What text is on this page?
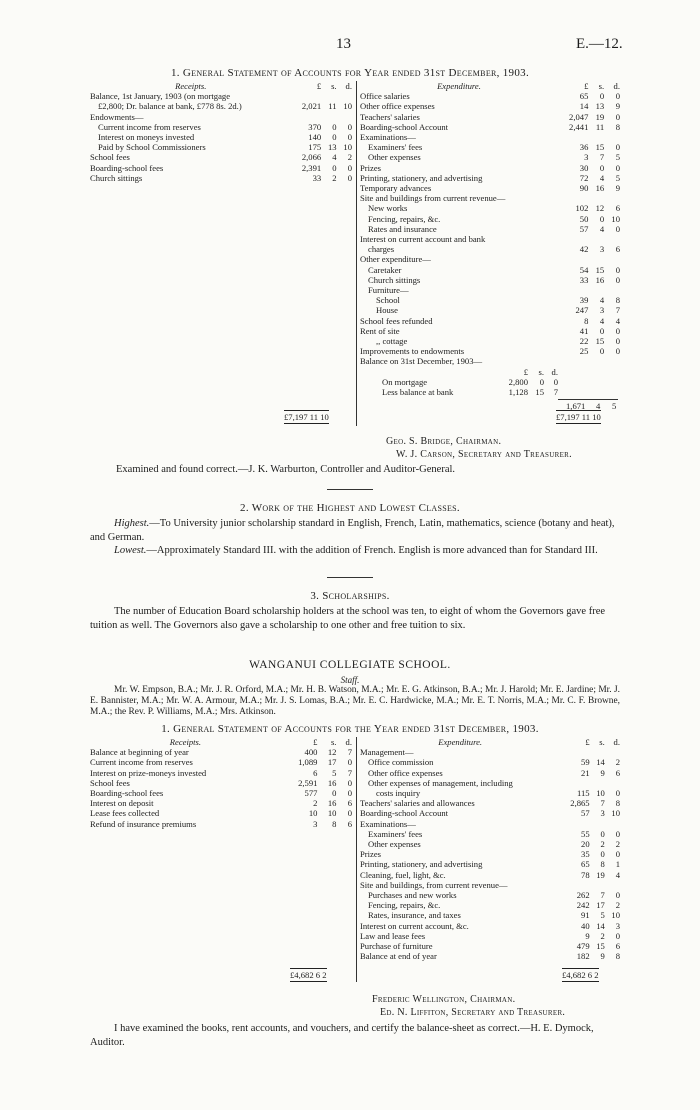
13	E.—12.
1. General Statement of Accounts for Year ended 31st December, 1903.
Receipts.	£	s.	d.
Balance, 1st January, 1903 (on mortgage			
£2,800; Dr. balance at bank, £778 8s. 2d.)	2,021	11	10
Endowments—			
Current income from reserves	370	0	0
Interest on moneys invested	140	0	0
Paid by School Commissioners	175	13	10
School fees	2,066	4	2
Boarding-school fees	2,391	0	0
Church sittings	33	2	0
Expenditure.	£	s.	d.
Office salaries	65	0	0
Other office expenses	14	13	9
Teachers' salaries	2,047	19	0
Boarding-school Account	2,441	11	8
Examinations—			
Examiners' fees	36	15	0
Other expenses	3	7	5
Prizes	30	0	0
Printing, stationery, and advertising	72	4	5
Temporary advances	90	16	9
Site and buildings from current revenue—			
New works	102	12	6
Fencing, repairs, &c.	50	0	10
Rates and insurance	57	4	0
Interest on current account and bank			
charges	42	3	6
Other expenditure—			
Caretaker	54	15	0
Church sittings	33	16	0
Furniture—			
School	39	4	8
House	247	3	7
School fees refunded	8	4	4
Rent of site	41	0	0
,, cottage	22	15	0
Improvements to endowments	25	0	0
Balance on 31st December, 1903—			
	£	s.	d.
On mortgage	2,800	0	0
Less balance at bank	1,128	15	7
1,671 4 5
£7,197 11 10	£7,197 11 10
Geo. S. Bridge, Chairman.
W. J. Carson, Secretary and Treasurer.
Examined and found correct.—J. K. Warburton, Controller and Auditor-General.
2. Work of the Highest and Lowest Classes.
Highest.—To University junior scholarship standard in English, French, Latin, mathematics, science (botany and heat), and German.
Lowest.—Approximately Standard III. with the addition of French. English is more advanced than for Standard III.
3. Scholarships.
The number of Education Board scholarship holders at the school was ten, to eight of whom the Governors gave free tuition as well. The Governors also gave a scholarship to one other and free tuition to six.
WANGANUI COLLEGIATE SCHOOL.
Staff.
Mr. W. Empson, B.A.; Mr. J. R. Orford, M.A.; Mr. H. B. Watson, M.A.; Mr. E. G. Atkinson, B.A.; Mr. J. Harold; Mr. E. Jardine; Mr. J. E. Bannister, M.A.; Mr. W. A. Armour, M.A.; Mr. J. S. Lomas, B.A.; Mr. E. C. Hardwicke, M.A.; Mr. E. T. Norris, M.A.; Mr. C. F. Browne, M.A.; the Rev. P. Williams, M.A.; Mrs. Atkinson.
1. General Statement of Accounts for the Year ended 31st December, 1903.
Receipts.	£	s.	d.
Balance at beginning of year	400	12	7
Current income from reserves	1,089	17	0
Interest on prize-moneys invested	6	5	7
School fees	2,591	16	0
Boarding-school fees	577	0	0
Interest on deposit	2	16	6
Lease fees collected	10	10	0
Refund of insurance premiums	3	8	6
Expenditure.	£	s.	d.
Management—			
Office commission	59	14	2
Other office expenses	21	9	6
Other expenses of management, including			
costs inquiry	115	10	0
Teachers' salaries and allowances	2,865	7	8
Boarding-school Account	57	3	10
Examinations—			
Examiners' fees	55	0	0
Other expenses	20	2	2
Prizes	35	0	0
Printing, stationery, and advertising	65	8	1
Cleaning, fuel, light, &c.	78	19	4
Site and buildings, from current revenue—			
Purchases and new works	262	7	0
Fencing, repairs, &c.	242	17	2
Rates, insurance, and taxes	91	5	10
Interest on current account, &c.	40	14	3
Law and lease fees	9	2	0
Purchase of furniture	479	15	6
Balance at end of year	182	9	8
£4,682 6 2	£4,682 6 2
Frederic Wellington, Chairman.
Ed. N. Liffiton, Secretary and Treasurer.
I have examined the books, rent accounts, and vouchers, and certify the balance-sheet as correct.—H. E. Dymock, Auditor.
